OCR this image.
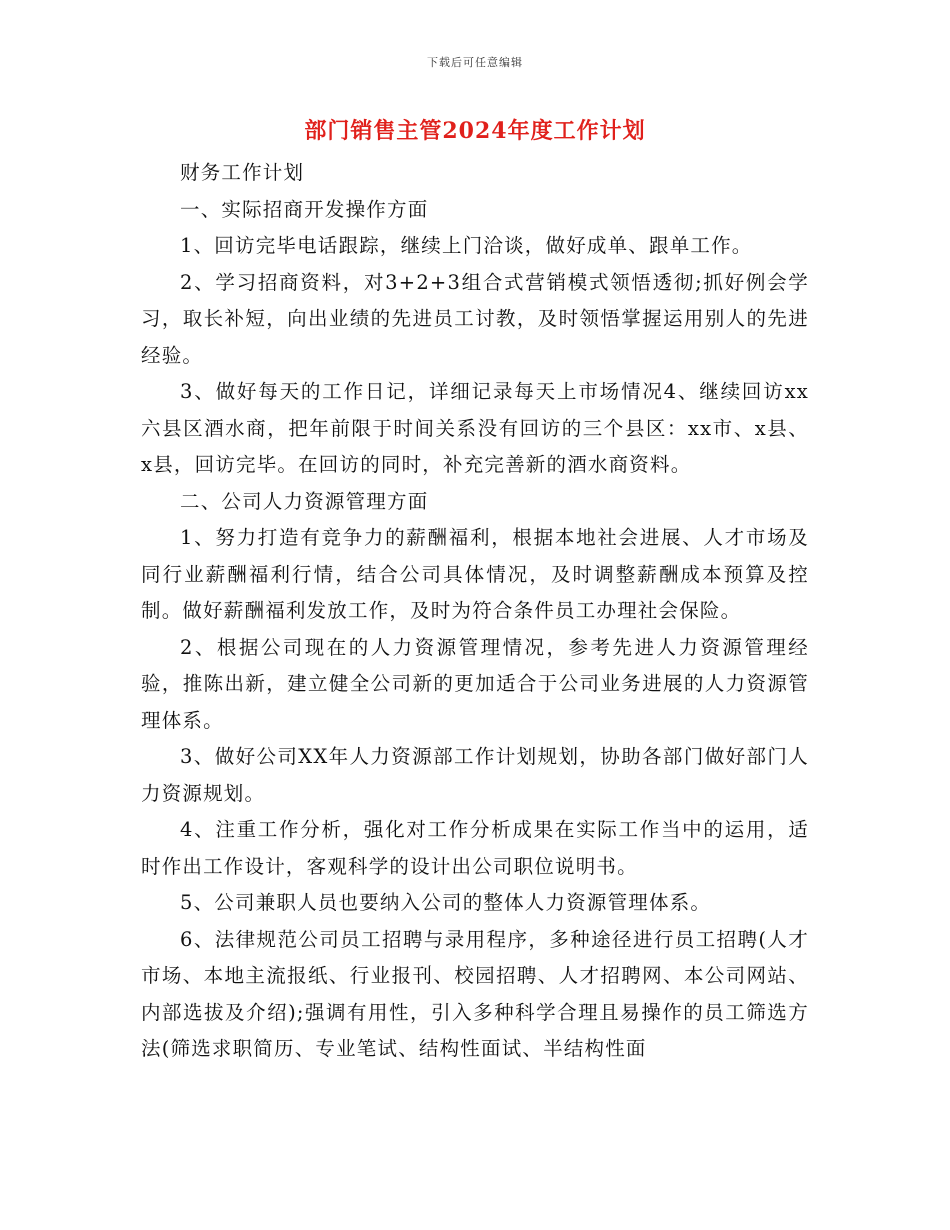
下载后可任意编辑
部门销售主管2024年度工作计划

财务工作计划

一、实际招商开发操作方面

1、回访完毕电话跟踪，继续上门洽谈，做好成单、跟单工作。

2、学习招商资料，对3+2+3组合式营销模式领悟透彻;抓好例会学习，取长补短，向出业绩的先进员工讨教，及时领悟掌握运用别人的先进经验。

3、做好每天的工作日记，详细记录每天上市场情况4、继续回访xx六县区酒水商，把年前限于时间关系没有回访的三个县区：xx市、x县、x县，回访完毕。在回访的同时，补充完善新的酒水商资料。

二、公司人力资源管理方面

1、努力打造有竞争力的薪酬福利，根据本地社会进展、人才市场及同行业薪酬福利行情，结合公司具体情况，及时调整薪酬成本预算及控制。做好薪酬福利发放工作，及时为符合条件员工办理社会保险。

2、根据公司现在的人力资源管理情况，参考先进人力资源管理经验，推陈出新，建立健全公司新的更加适合于公司业务进展的人力资源管理体系。

3、做好公司XX年人力资源部工作计划规划，协助各部门做好部门人力资源规划。

4、注重工作分析，强化对工作分析成果在实际工作当中的运用，适时作出工作设计，客观科学的设计出公司职位说明书。

5、公司兼职人员也要纳入公司的整体人力资源管理体系。

6、法律规范公司员工招聘与录用程序，多种途径进行员工招聘(人才市场、本地主流报纸、行业报刊、校园招聘、人才招聘网、本公司网站、内部选拔及介绍);强调有用性，引入多种科学合理且易操作的员工筛选方法(筛选求职简历、专业笔试、结构性面试、半结构性面
